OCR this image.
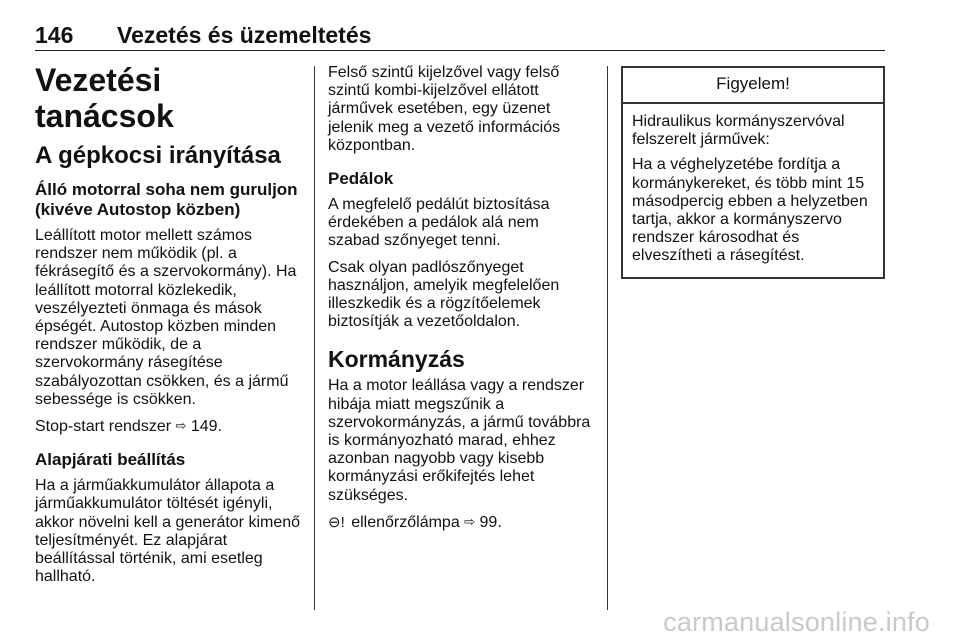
146 Vezetés és üzemeltetés
Vezetési tanácsok
A gépkocsi irányítása
Álló motorral soha nem guruljon (kivéve Autostop közben)

Leállított motor mellett számos rendszer nem működik (pl. a fékrásegítő és a szervokormány). Ha leállított motorral közlekedik, veszélyezteti önmaga és mások épségét. Autostop közben minden rendszer működik, de a szervokormány rásegítése szabályozottan csökken, és a jármű sebessége is csökken.

Stop-start rendszer ⇨ 149.

Alapjárati beállítás

Ha a járműakkumulátor állapota a járműakkumulátor töltését igényli, akkor növelni kell a generátor kimenő teljesítményét. Ez alapjárat beállítással történik, ami esetleg hallható.

Felső szintű kijelzővel vagy felső szintű kombi-kijelzővel ellátott járművek esetében, egy üzenet jelenik meg a vezető információs központban.

Pedálok

A megfelelő pedálút biztosítása érdekében a pedálok alá nem szabad szőnyeget tenni.

Csak olyan padlószőnyeget használjon, amelyik megfelelően illeszkedik és a rögzítőelemek biztosítják a vezetőoldalon.

Kormányzás

Ha a motor leállása vagy a rendszer hibája miatt megszűnik a szervokormányzás, a jármű továbbra is kormányozható marad, ehhez azonban nagyobb vagy kisebb kormányzási erőkifejtés lehet szükséges.

⊖! ellenőrzőlámpa ⇨ 99.

Figyelem!

Hidraulikus kormányszervóval felszerelt járművek:

Ha a véghelyzetébe fordítja a kormánykereket, és több mint 15 másodpercig ebben a helyzetben tartja, akkor a kormányszervo rendszer károsodhat és elveszítheti a rásegítést.

carmanualsonline.info
